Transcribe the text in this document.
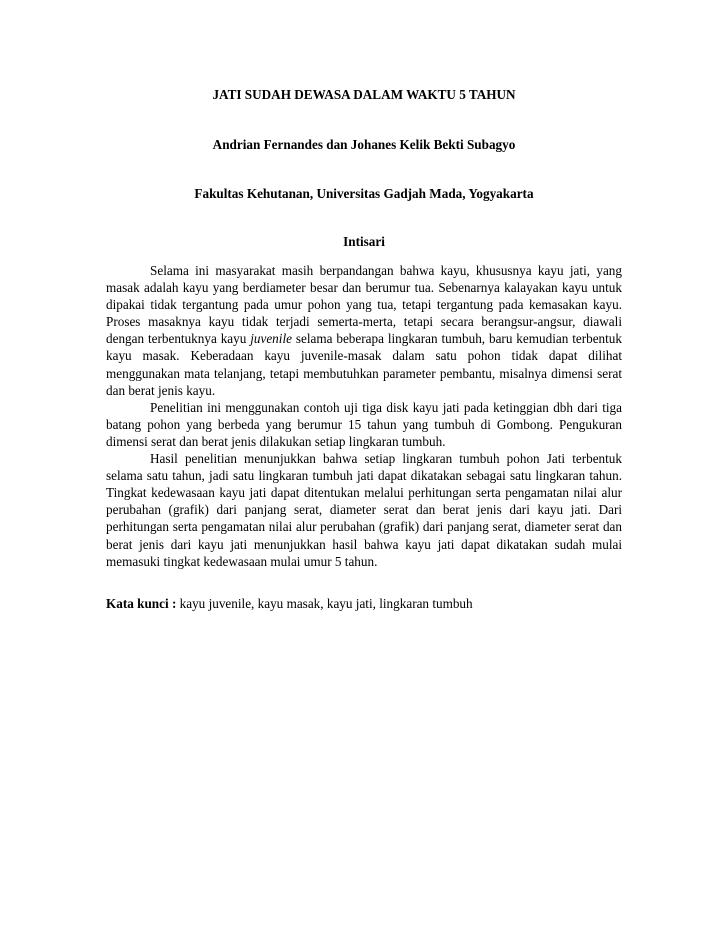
JATI SUDAH DEWASA DALAM WAKTU 5 TAHUN
Andrian Fernandes dan Johanes Kelik Bekti Subagyo
Fakultas Kehutanan, Universitas Gadjah Mada, Yogyakarta
Intisari

Selama ini masyarakat masih berpandangan bahwa kayu, khususnya kayu jati, yang masak adalah kayu yang berdiameter besar dan berumur tua. Sebenarnya kalayakan kayu untuk dipakai tidak tergantung pada umur pohon yang tua, tetapi tergantung pada kemasakan kayu. Proses masaknya kayu tidak terjadi semerta-merta, tetapi secara berangsur-angsur, diawali dengan terbentuknya kayu juvenile selama beberapa lingkaran tumbuh, baru kemudian terbentuk kayu masak. Keberadaan kayu juvenile-masak dalam satu pohon tidak dapat dilihat menggunakan mata telanjang, tetapi membutuhkan parameter pembantu, misalnya dimensi serat dan berat jenis kayu.

Penelitian ini menggunakan contoh uji tiga disk kayu jati pada ketinggian dbh dari tiga batang pohon yang berbeda yang berumur 15 tahun yang tumbuh di Gombong. Pengukuran dimensi serat dan berat jenis dilakukan setiap lingkaran tumbuh.

Hasil penelitian menunjukkan bahwa setiap lingkaran tumbuh pohon Jati terbentuk selama satu tahun, jadi satu lingkaran tumbuh jati dapat dikatakan sebagai satu lingkaran tahun. Tingkat kedewasaan kayu jati dapat ditentukan melalui perhitungan serta pengamatan nilai alur perubahan (grafik) dari panjang serat, diameter serat dan berat jenis dari kayu jati. Dari perhitungan serta pengamatan nilai alur perubahan (grafik) dari panjang serat, diameter serat dan berat jenis dari kayu jati menunjukkan hasil bahwa kayu jati dapat dikatakan sudah mulai memasuki tingkat kedewasaan mulai umur 5 tahun.

Kata kunci : kayu juvenile, kayu masak, kayu jati, lingkaran tumbuh
